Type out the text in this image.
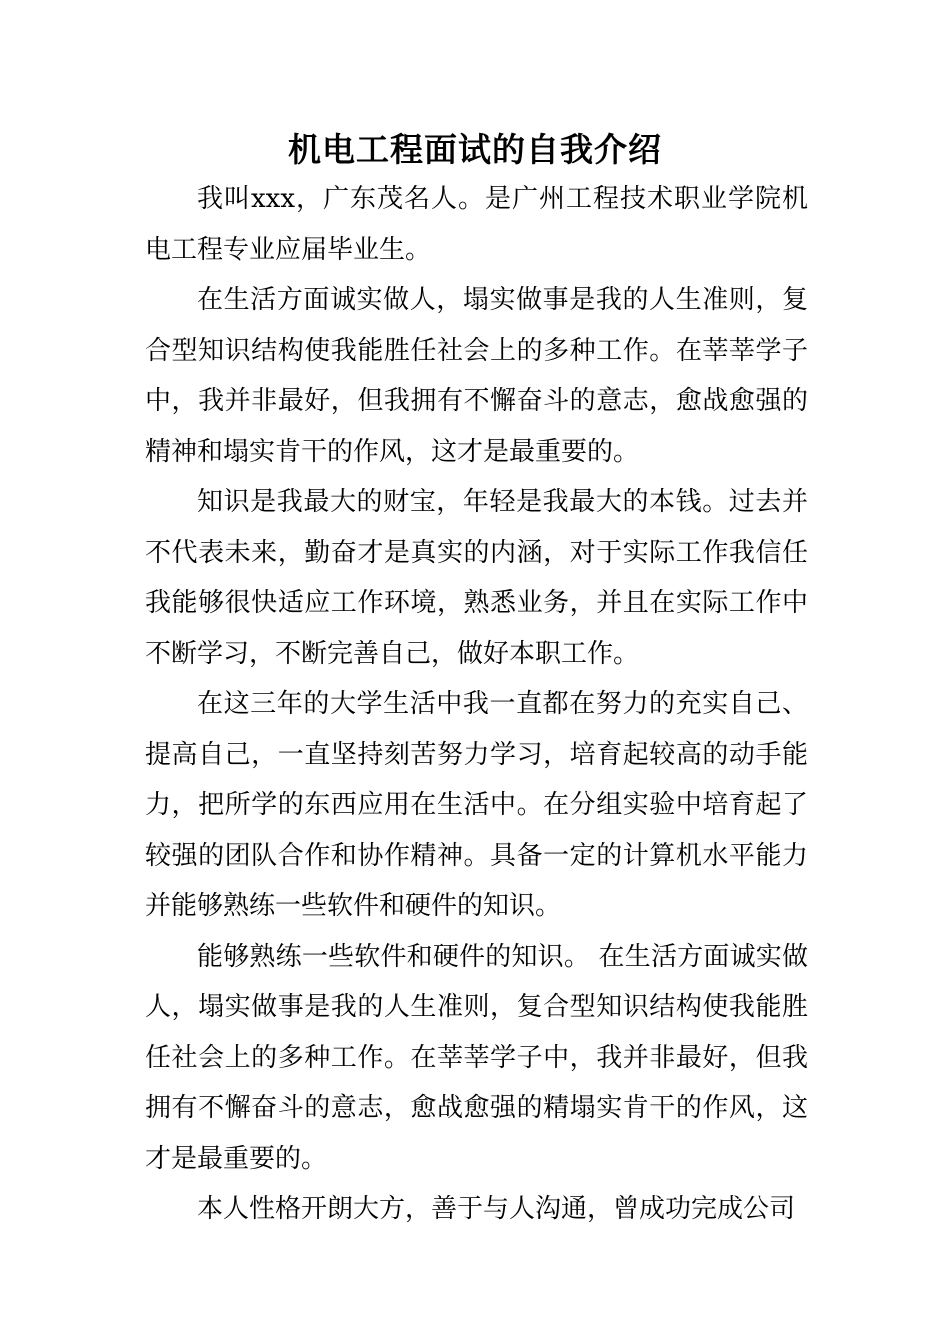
机电工程面试的自我介绍

我叫xxx，广东茂名人。是广州工程技术职业学院机电工程专业应届毕业生。

在生活方面诚实做人，塌实做事是我的人生准则，复合型知识结构使我能胜任社会上的多种工作。在莘莘学子中，我并非最好，但我拥有不懈奋斗的意志，愈战愈强的精神和塌实肯干的作风，这才是最重要的。

知识是我最大的财宝，年轻是我最大的本钱。过去并不代表未来，勤奋才是真实的内涵，对于实际工作我信任我能够很快适应工作环境，熟悉业务，并且在实际工作中不断学习，不断完善自己，做好本职工作。

在这三年的大学生活中我一直都在努力的充实自己、提高自己，一直坚持刻苦努力学习，培育起较高的动手能力，把所学的东西应用在生活中。在分组实验中培育起了较强的团队合作和协作精神。具备一定的计算机水平能力并能够熟练一些软件和硬件的知识。

能够熟练一些软件和硬件的知识。 在生活方面诚实做人，塌实做事是我的人生准则，复合型知识结构使我能胜任社会上的多种工作。在莘莘学子中，我并非最好，但我拥有不懈奋斗的意志，愈战愈强的精塌实肯干的作风，这才是最重要的。

本人性格开朗大方，善于与人沟通，曾成功完成公司
